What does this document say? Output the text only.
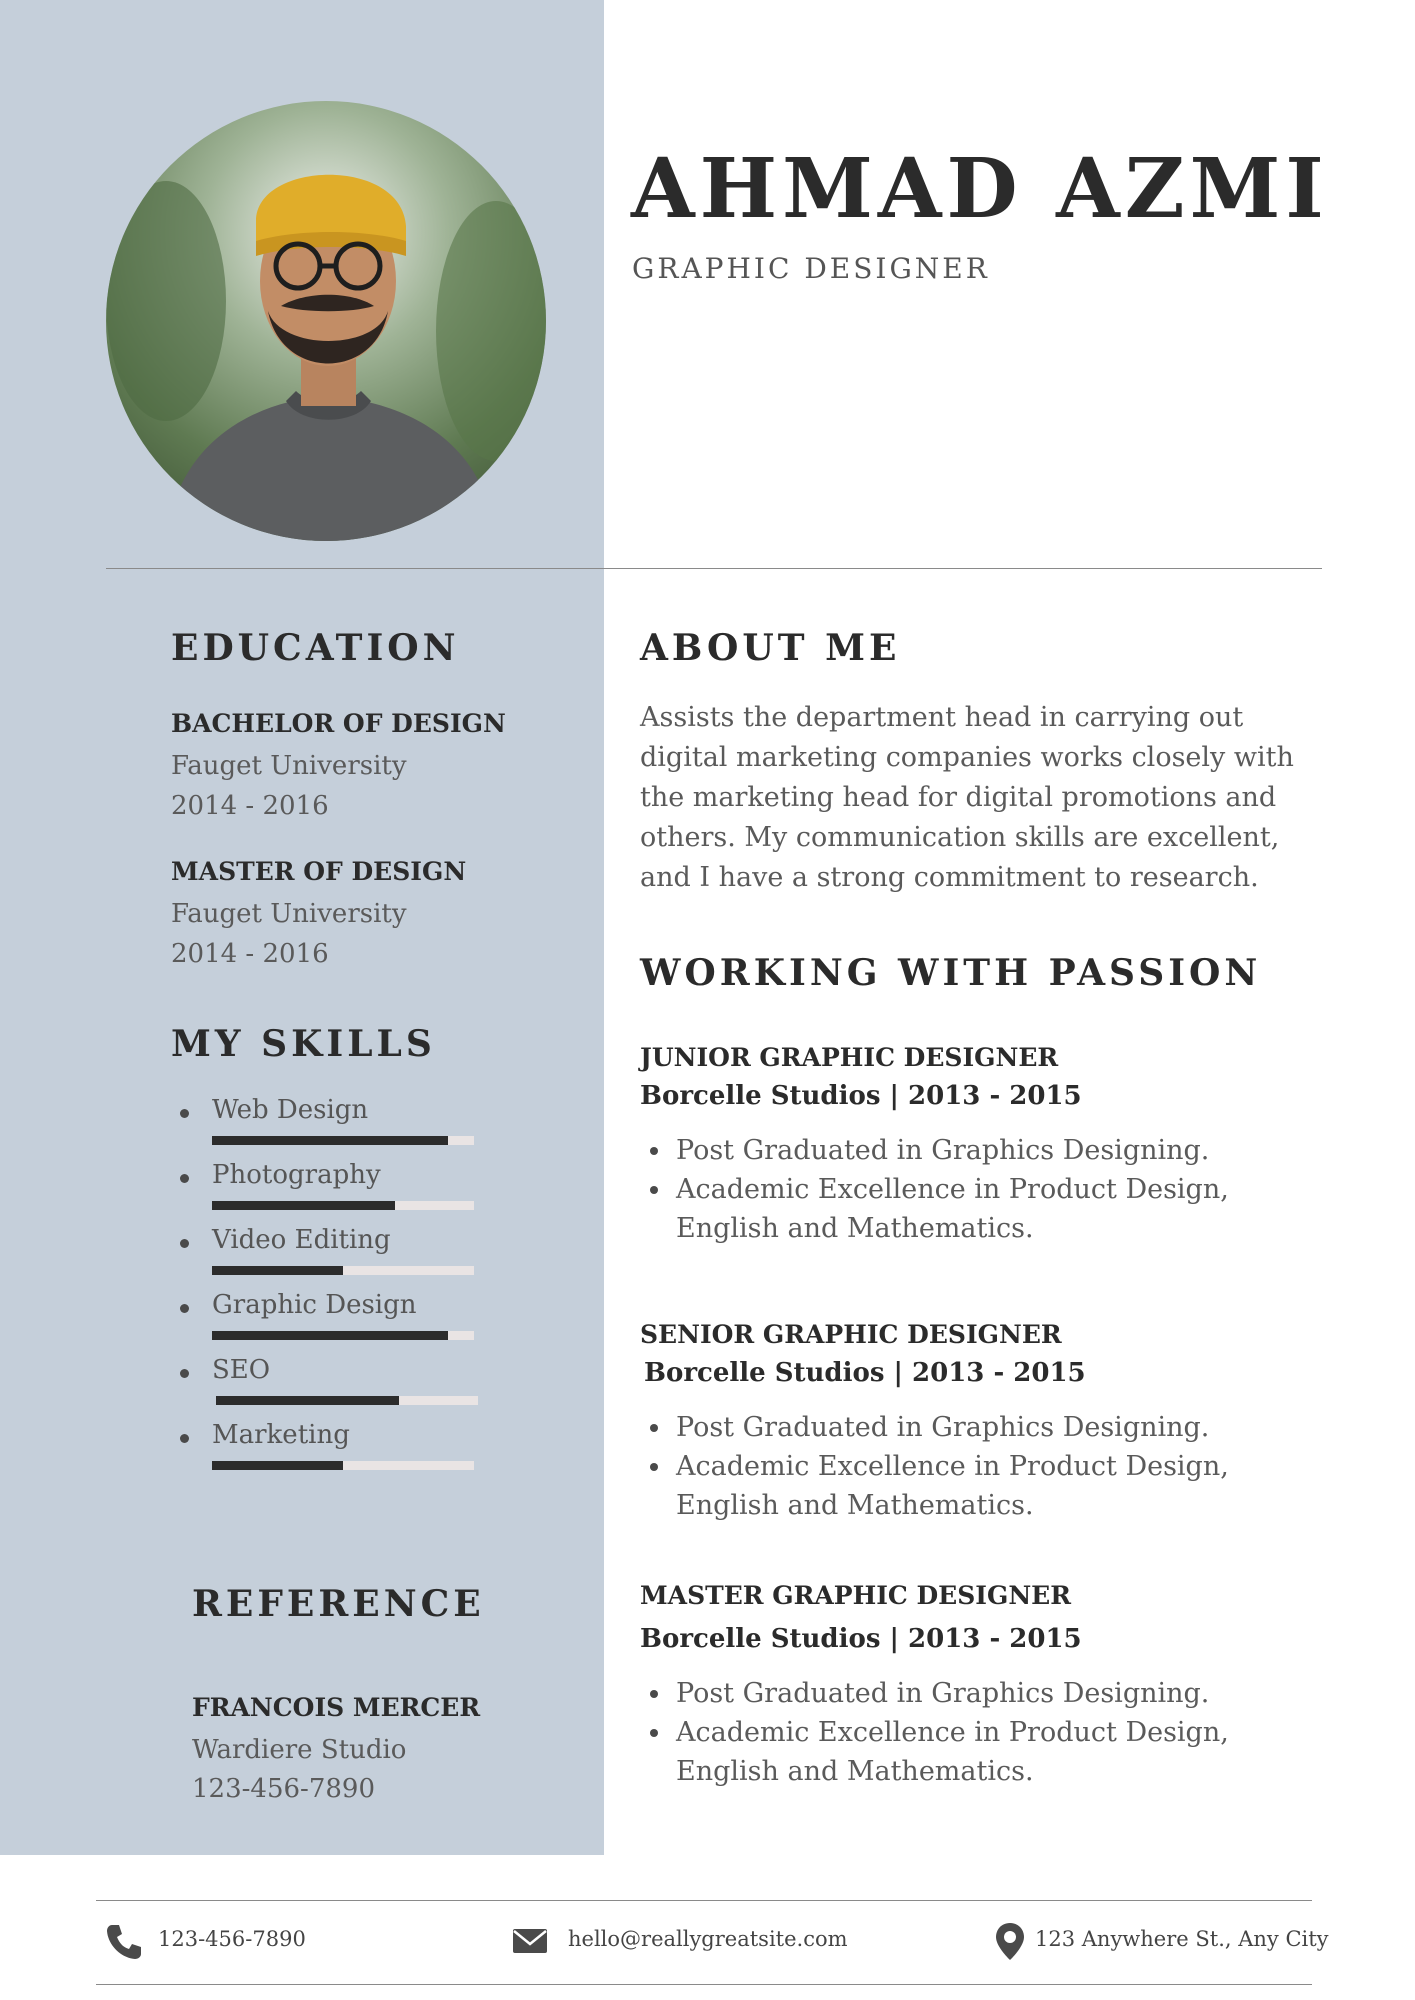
AHMAD AZMI
GRAPHIC DESIGNER
EDUCATION
BACHELOR OF DESIGN
Fauget University
2014 - 2016
MASTER OF DESIGN
Fauget University
2014 - 2016
MY SKILLS
Web Design
Photography
Video Editing
Graphic Design
SEO
Marketing
REFERENCE
FRANCOIS MERCER
Wardiere Studio
123-456-7890
ABOUT ME
Assists the department head in carrying out digital marketing companies works closely with the marketing head for digital promotions and others. My communication skills are excellent, and I have a strong commitment to research.
WORKING WITH PASSION
JUNIOR GRAPHIC DESIGNER
Borcelle Studios | 2013 - 2015
Post Graduated in Graphics Designing.
Academic Excellence in Product Design, English and Mathematics.
SENIOR GRAPHIC DESIGNER
Borcelle Studios | 2013 - 2015
Post Graduated in Graphics Designing.
Academic Excellence in Product Design, English and Mathematics.
MASTER GRAPHIC DESIGNER
Borcelle Studios | 2013 - 2015
Post Graduated in Graphics Designing.
Academic Excellence in Product Design, English and Mathematics.
123-456-7890	hello@reallygreatsite.com	123 Anywhere St., Any City
